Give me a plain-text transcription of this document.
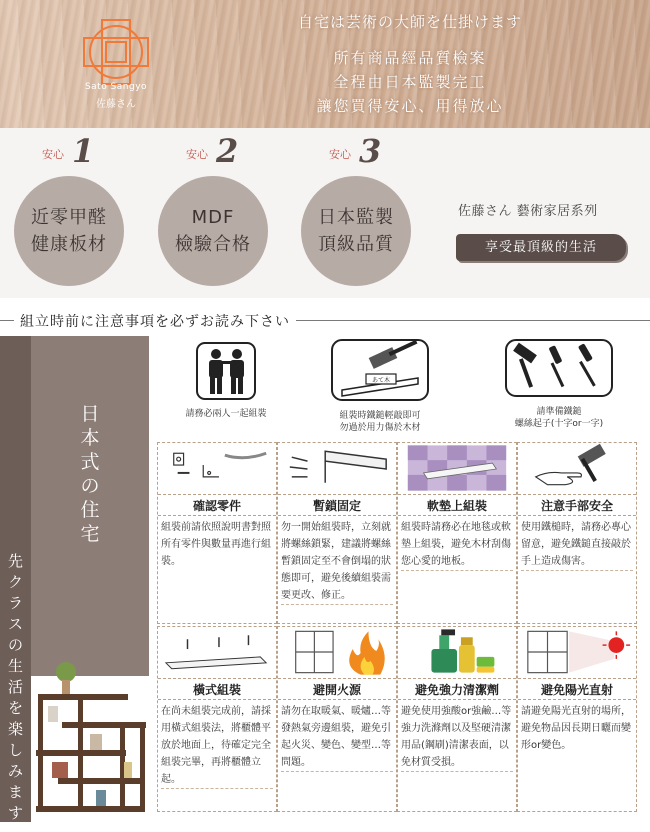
Sato Sangyo
佐藤さん
自宅は芸術の大師を仕掛けます
所有商品經品質檢案
全程由日本監製完工
讓您買得安心、用得放心
安心 1
近零甲醛
健康板材
安心 2
MDF
檢驗合格
安心 3
日本監製
頂級品質
佐藤さん 藝術家居系列
享受最頂級的生活
組立時前に注意事項を必ずお読み下さい
日本式の住宅
先クラスの生活を楽しみます
請務必兩人一起組裝
あて木
組裝時鐵鎚輕敲即可
勿過於用力傷於木材
請準備鐵鎚
螺絲起子(十字or一字)
確認零件
組裝前請依照說明書對照所有零件與數量再進行組裝。
暫鎖固定
勿一開始組裝時，立刻就將螺絲鎖緊，建議將螺絲暫鎖固定至不會倒塌的狀態即可，避免後續組裝需要更改、修正。
軟墊上組裝
組裝時請務必在地毯或軟墊上組裝，避免木材刮傷您心愛的地板。
注意手部安全
使用鐵槌時，請務必專心留意，避免鐵鎚直接敲於手上造成傷害。
橫式組裝
在尚未組裝完成前，請採用橫式組裝法，將櫃體平放於地面上，待確定完全組裝完畢，再將櫃體立起。
避開火源
請勿在取暖氣、暖爐…等發熱氣旁邊組裝，避免引起火災、變色、變型…等問題。
避免強力清潔劑
避免使用強酸or強鹼…等強力洗滌劑以及堅硬清潔用品(鋼刷)清潔表面，以免材質受損。
避免陽光直射
請避免陽光直射的場所，避免物品因長期日曬而變形or變色。
